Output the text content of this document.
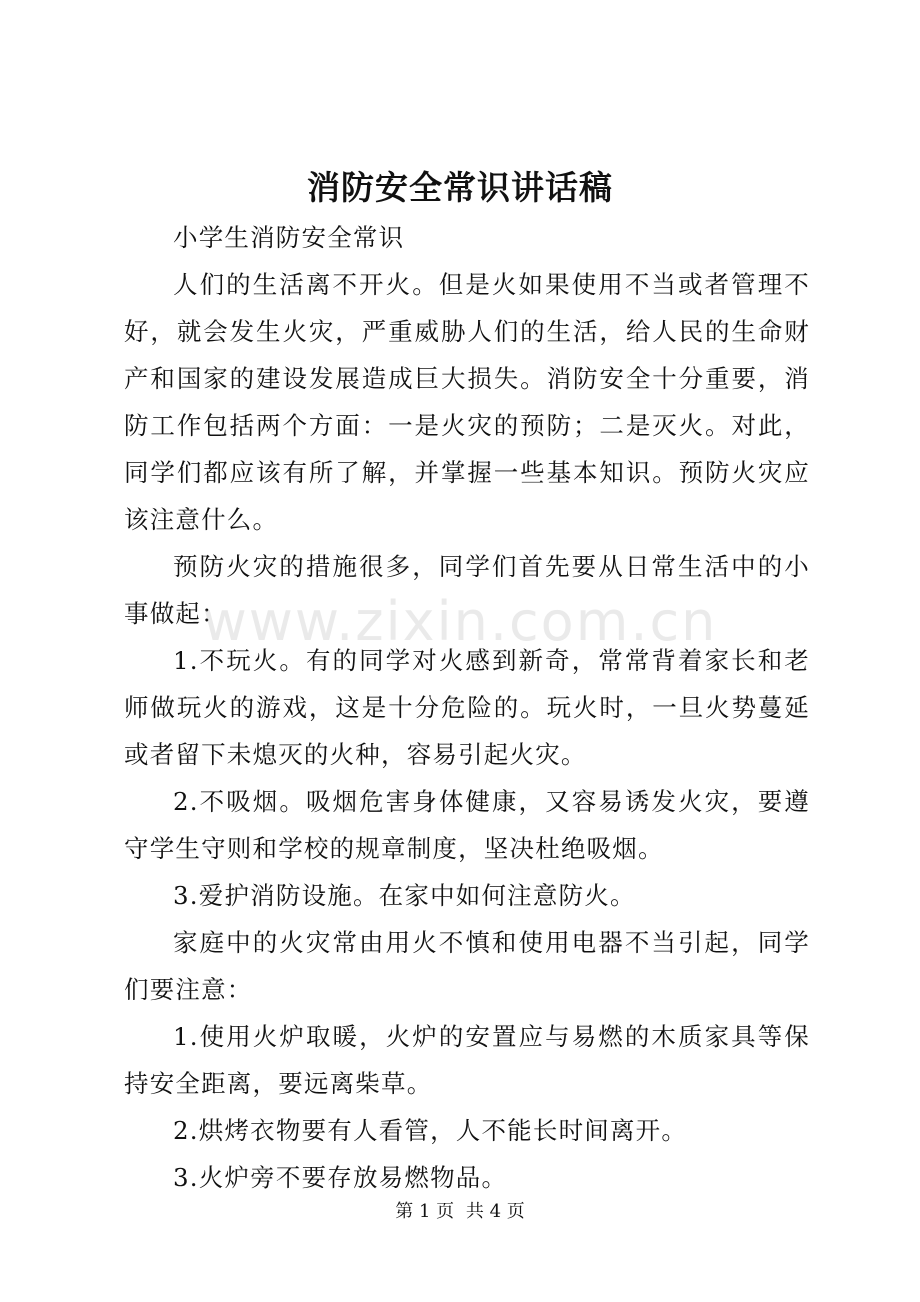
消防安全常识讲话稿

小学生消防安全常识

人们的生活离不开火。但是火如果使用不当或者管理不好，就会发生火灾，严重威胁人们的生活，给人民的生命财产和国家的建设发展造成巨大损失。消防安全十分重要，消防工作包括两个方面：一是火灾的预防；二是灭火。对此，同学们都应该有所了解，并掌握一些基本知识。预防火灾应该注意什么。

预防火灾的措施很多，同学们首先要从日常生活中的小事做起：

1.不玩火。有的同学对火感到新奇，常常背着家长和老师做玩火的游戏，这是十分危险的。玩火时，一旦火势蔓延或者留下未熄灭的火种，容易引起火灾。

2.不吸烟。吸烟危害身体健康，又容易诱发火灾，要遵守学生守则和学校的规章制度，坚决杜绝吸烟。

3.爱护消防设施。在家中如何注意防火。

家庭中的火灾常由用火不慎和使用电器不当引起，同学们要注意：

1.使用火炉取暖，火炉的安置应与易燃的木质家具等保持安全距离，要远离柴草。

2.烘烤衣物要有人看管，人不能长时间离开。

3.火炉旁不要存放易燃物品。

www.zixin.com.cn
第 1 页 共 4 页
